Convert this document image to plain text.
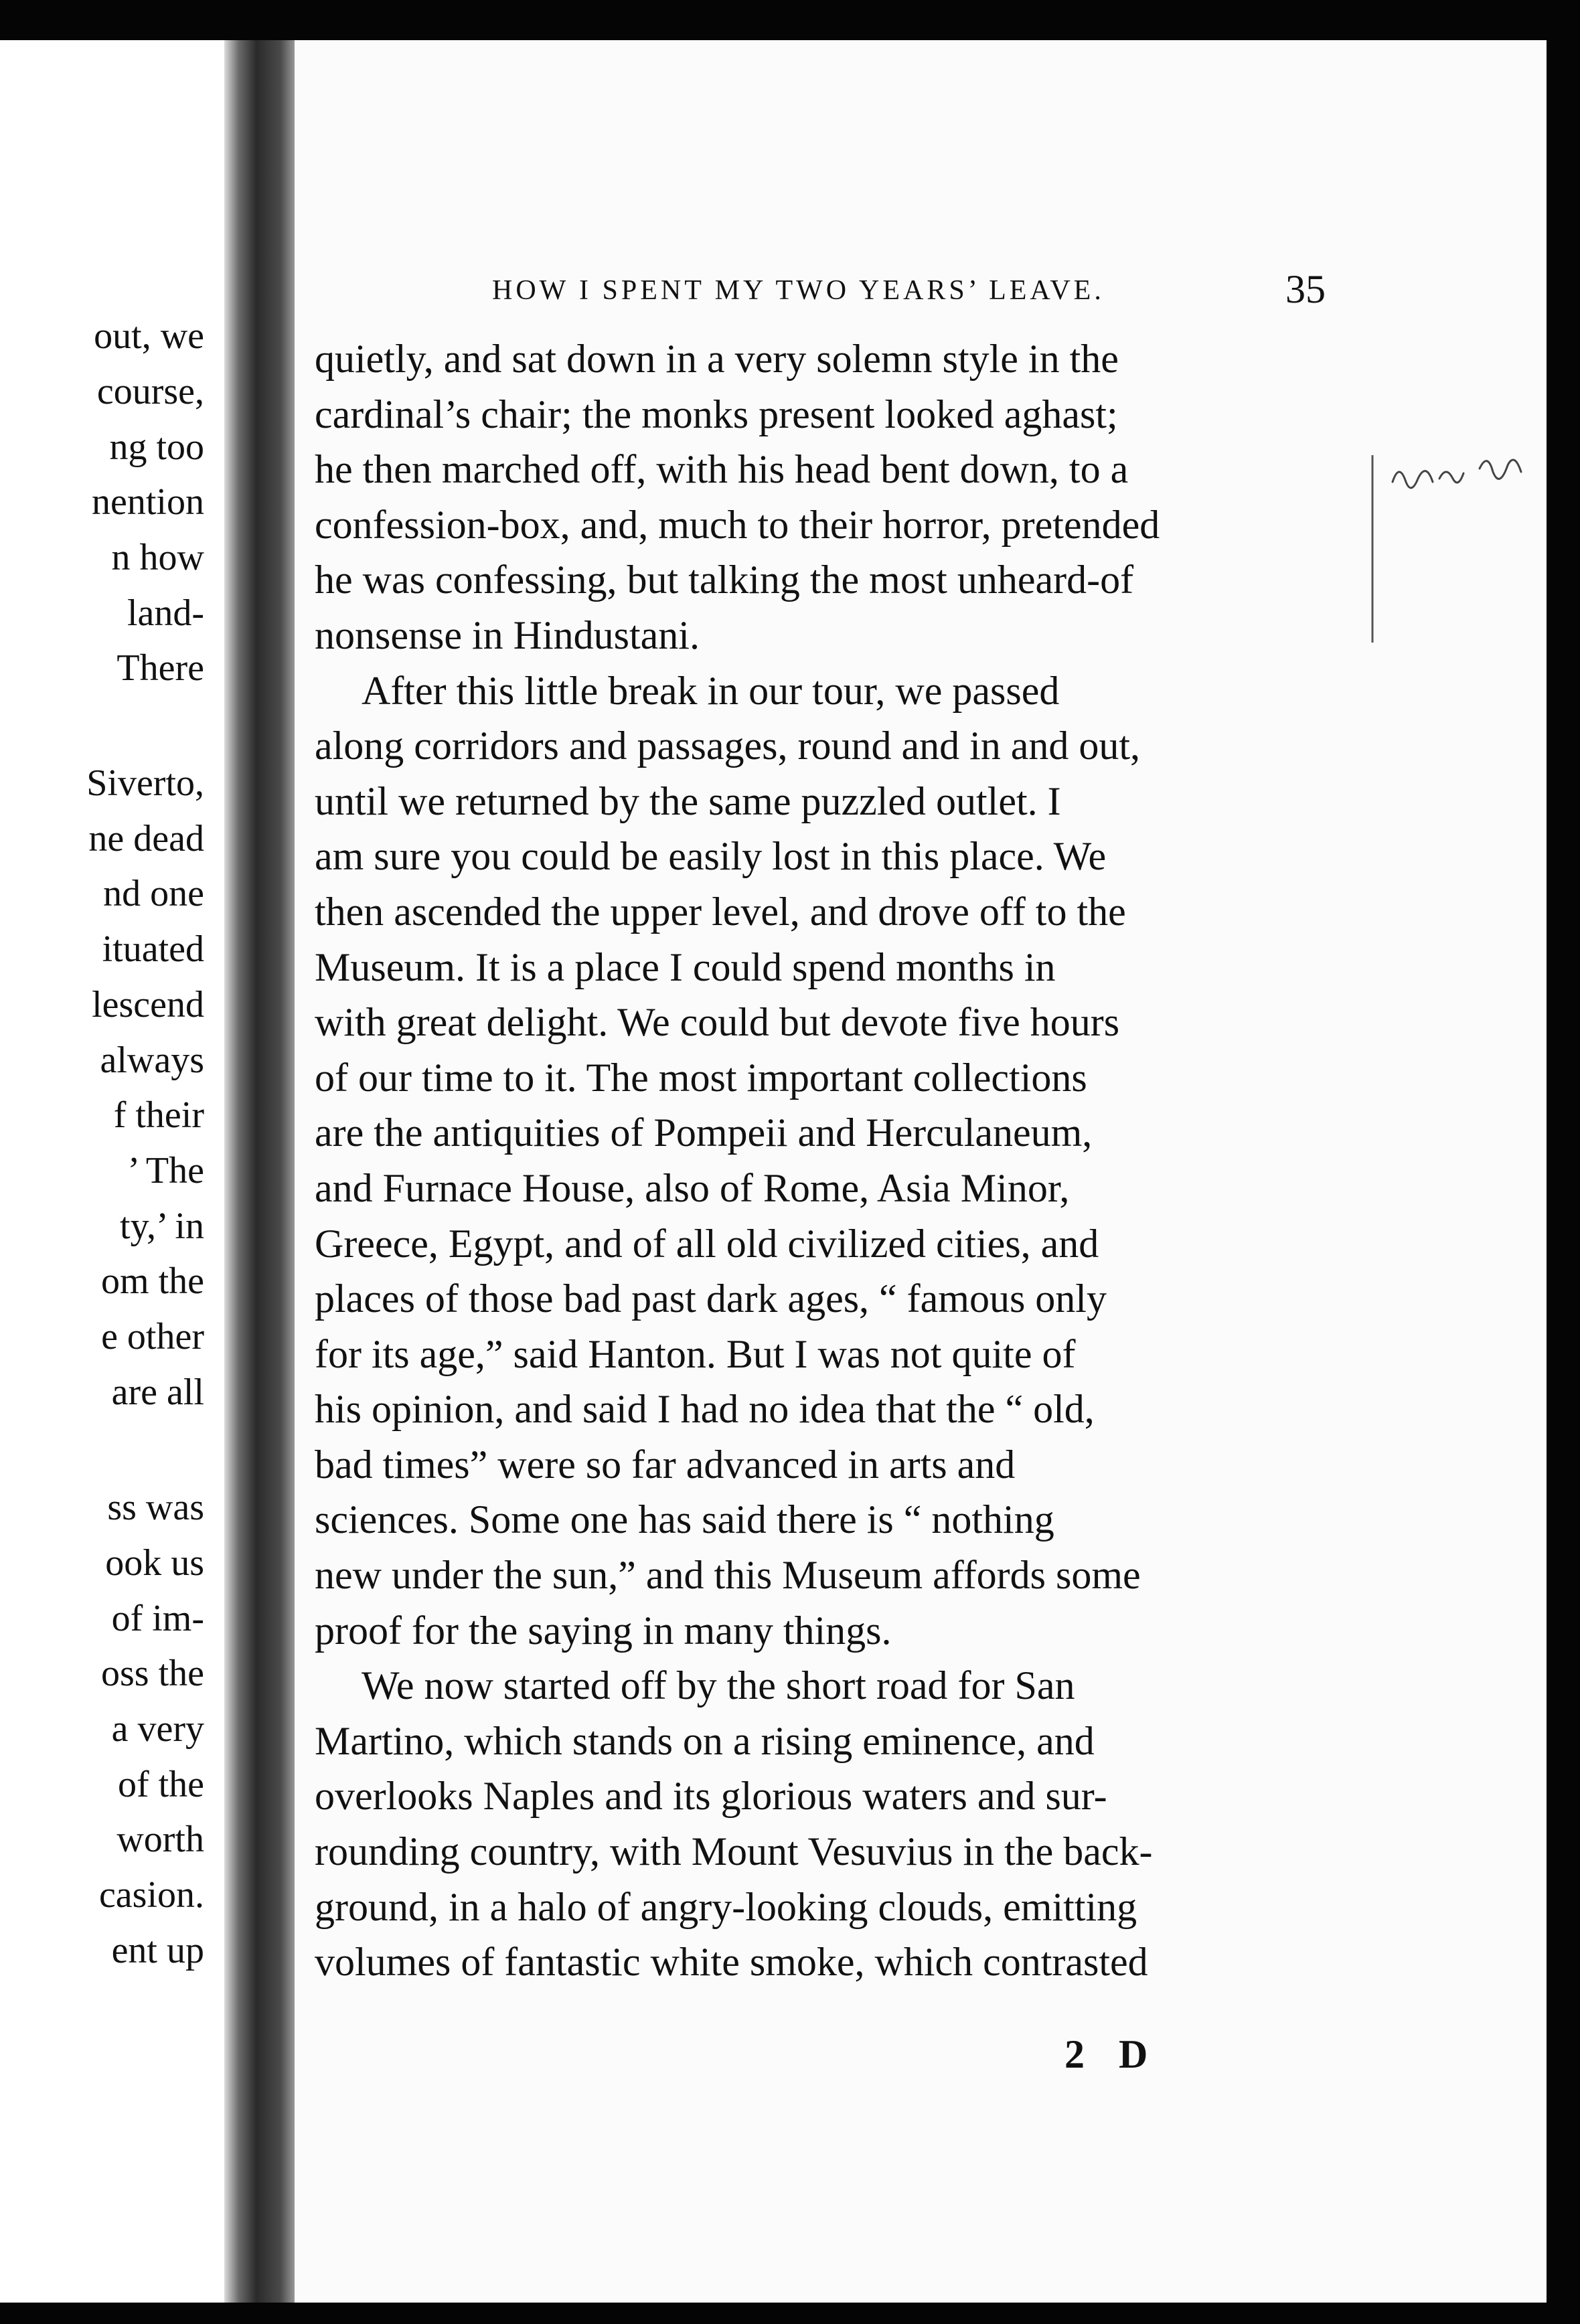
out, we
course,
ng too
nention
n how
land-
There
Siverto,
ne dead
nd one
ituated
lescend
always
f their
’ The
ty,’ in
om the
e other
are all
ss was
ook us
of im-
oss the
a very
of the
worth
casion.
ent up
HOW I SPENT MY TWO YEARS’ LEAVE.	35
quietly, and sat down in a very solemn style in the
cardinal’s chair; the monks present looked aghast;
he then marched off, with his head bent down, to a
confession-box, and, much to their horror, pretended
he was confessing, but talking the most unheard-of
nonsense in Hindustani.
After this little break in our tour, we passed
along corridors and passages, round and in and out,
until we returned by the same puzzled outlet. I
am sure you could be easily lost in this place. We
then ascended the upper level, and drove off to the
Museum. It is a place I could spend months in
with great delight. We could but devote five hours
of our time to it. The most important collections
are the antiquities of Pompeii and Herculaneum,
and Furnace House, also of Rome, Asia Minor,
Greece, Egypt, and of all old civilized cities, and
places of those bad past dark ages, “ famous only
for its age,” said Hanton. But I was not quite of
his opinion, and said I had no idea that the “ old,
bad times” were so far advanced in arts and
sciences. Some one has said there is “ nothing
new under the sun,” and this Museum affords some
proof for the saying in many things.
We now started off by the short road for San
Martino, which stands on a rising eminence, and
overlooks Naples and its glorious waters and sur-
rounding country, with Mount Vesuvius in the back-
ground, in a halo of angry-looking clouds, emitting
volumes of fantastic white smoke, which contrasted
2 D
